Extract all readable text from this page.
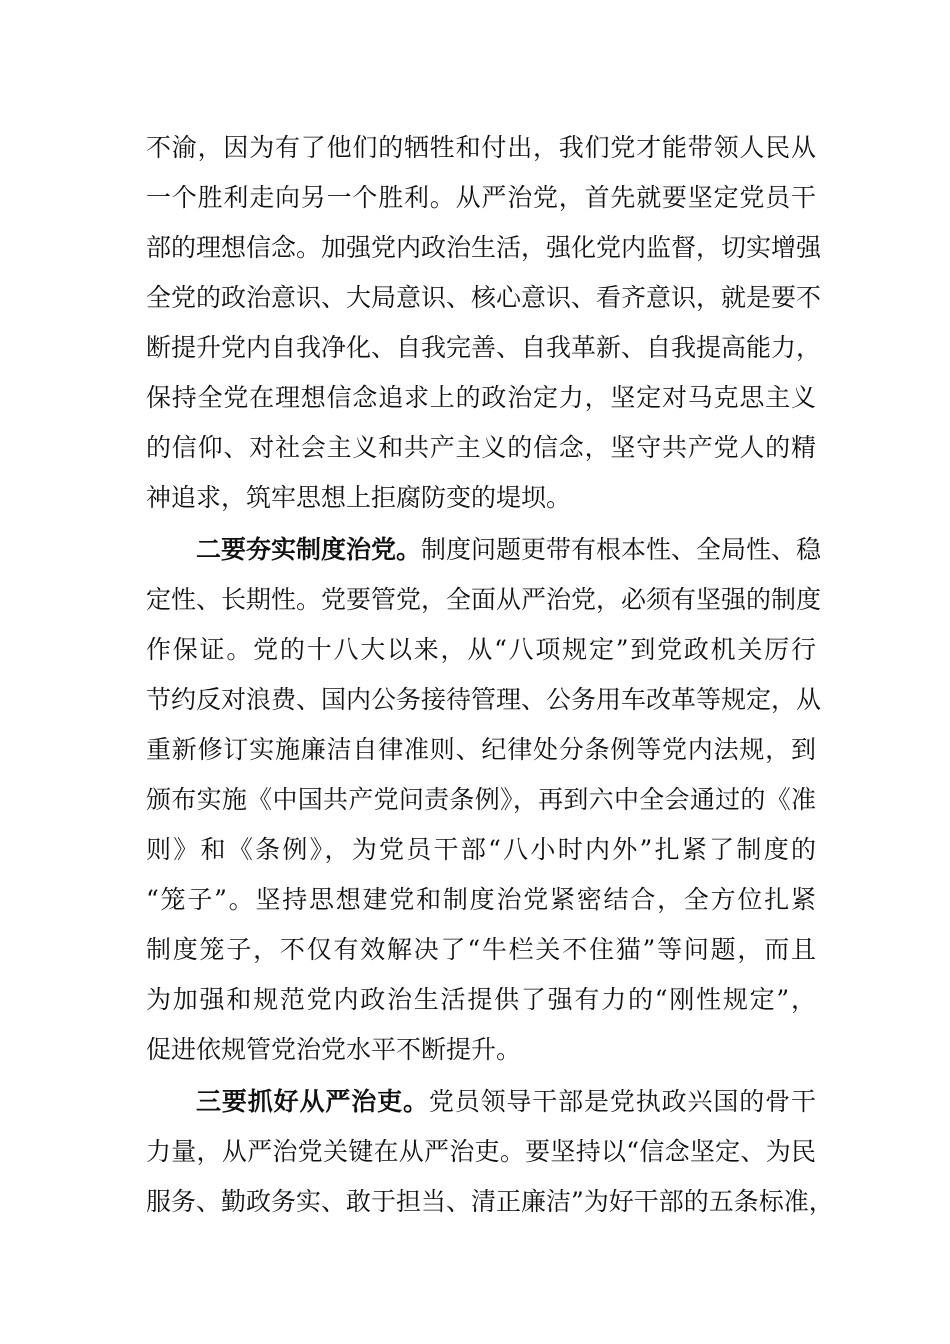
不渝，因为有了他们的牺牲和付出，我们党才能带领人民从
一个胜利走向另一个胜利。从严治党，首先就要坚定党员干
部的理想信念。加强党内政治生活，强化党内监督，切实增强
全党的政治意识、大局意识、核心意识、看齐意识，就是要不
断提升党内自我净化、自我完善、自我革新、自我提高能力，
保持全党在理想信念追求上的政治定力，坚定对马克思主义
的信仰、对社会主义和共产主义的信念，坚守共产党人的精
神追求，筑牢思想上拒腐防变的堤坝。
二要夯实制度治党。制度问题更带有根本性、全局性、稳
定性、长期性。党要管党，全面从严治党，必须有坚强的制度
作保证。党的十八大以来，从“八项规定”到党政机关厉行
节约反对浪费、国内公务接待管理、公务用车改革等规定，从
重新修订实施廉洁自律准则、纪律处分条例等党内法规，到
颁布实施《中国共产党问责条例》，再到六中全会通过的《准
则》和《条例》，为党员干部“八小时内外”扎紧了制度的
“笼子”。坚持思想建党和制度治党紧密结合，全方位扎紧
制度笼子，不仅有效解决了“牛栏关不住猫”等问题，而且
为加强和规范党内政治生活提供了强有力的“刚性规定”，
促进依规管党治党水平不断提升。
三要抓好从严治吏。党员领导干部是党执政兴国的骨干
力量，从严治党关键在从严治吏。要坚持以“信念坚定、为民
服务、勤政务实、敢于担当、清正廉洁”为好干部的五条标准，
